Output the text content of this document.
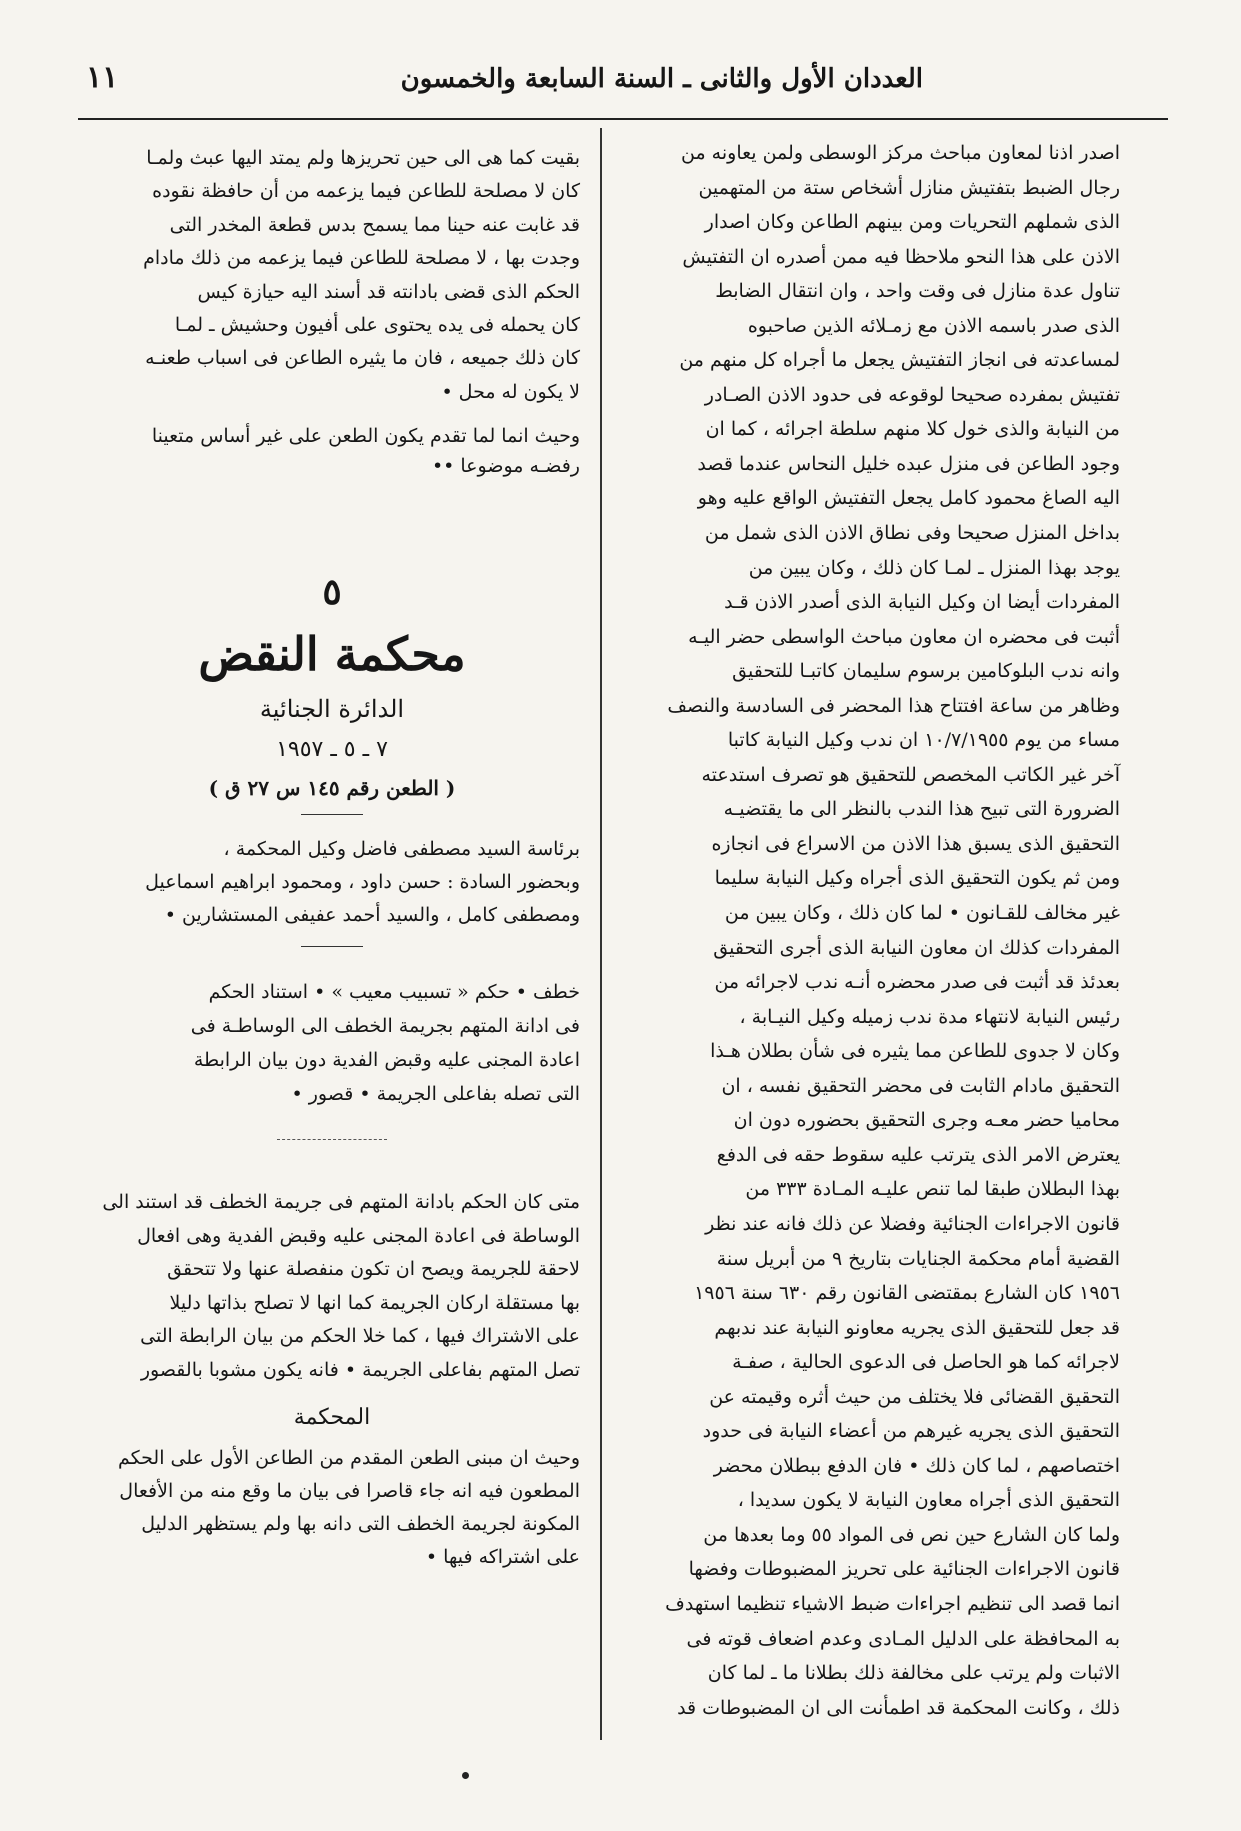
العددان الأول والثانى ـ السنة السابعة والخمسون
١١

اصدر اذنا لمعاون مباحث مركز الوسطى ولمن يعاونه من
رجال الضبط بتفتيش منازل أشخاص ستة من المتهمين
الذى شملهم التحريات ومن بينهم الطاعن وكان اصدار
الاذن على هذا النحو ملاحظا فيه ممن أصدره ان التفتيش
تناول عدة منازل فى وقت واحد ، وان انتقال الضابط
الذى صدر باسمه الاذن مع زمـلائه الذين صاحبوه
لمساعدته فى انجاز التفتيش يجعل ما أجراه كل منهم من
تفتيش بمفرده صحيحا لوقوعه فى حدود الاذن الصـادر
من النيابة والذى خول كلا منهم سلطة اجرائه ، كما ان
وجود الطاعن فى منزل عبده خليل النحاس عندما قصد
اليه الصاغ محمود كامل يجعل التفتيش الواقع عليه وهو
بداخل المنزل صحيحا وفى نطاق الاذن الذى شمل من
يوجد بهذا المنزل ـ لمـا كان ذلك ، وكان يبين من
المفردات أيضا ان وكيل النيابة الذى أصدر الاذن قـد
أثبت فى محضره ان معاون مباحث الواسطى حضر اليـه
وانه ندب البلوكامين برسوم سليمان كاتبـا للتحقيق
وظاهر من ساعة افتتاح هذا المحضر فى السادسة والنصف
مساء من يوم ١٠/٧/١٩٥٥ ان ندب وكيل النيابة كاتبا
آخر غير الكاتب المخصص للتحقيق هو تصرف استدعته
الضرورة التى تبيح هذا الندب بالنظر الى ما يقتضيـه
التحقيق الذى يسبق هذا الاذن من الاسراع فى انجازه
ومن ثم يكون التحقيق الذى أجراه وكيل النيابة سليما
غير مخالف للقـانون • لما كان ذلك ، وكان يبين من
المفردات كذلك ان معاون النيابة الذى أجرى التحقيق
بعدئذ قد أثبت فى صدر محضره أنـه ندب لاجرائه من
رئيس النيابة لانتهاء مدة ندب زميله وكيل النيـابة ،
وكان لا جدوى للطاعن مما يثيره فى شأن بطلان هـذا
التحقيق مادام الثابت فى محضر التحقيق نفسه ، ان
محاميا حضر معـه وجرى التحقيق بحضوره دون ان
يعترض الامر الذى يترتب عليه سقوط حقه فى الدفع
بهذا البطلان طبقا لما تنص عليـه المـادة ٣٣٣ من
قانون الاجراءات الجنائية وفضلا عن ذلك فانه عند نظر
القضية أمام محكمة الجنايات بتاريخ ٩ من أبريل سنة
١٩٥٦ كان الشارع بمقتضى القانون رقم ٦٣٠ سنة ١٩٥٦
قد جعل للتحقيق الذى يجريه معاونو النيابة عند ندبهم
لاجرائه كما هو الحاصل فى الدعوى الحالية ، صفـة
التحقيق القضائى فلا يختلف من حيث أثره وقيمته عن
التحقيق الذى يجريه غيرهم من أعضاء النيابة فى حدود
اختصاصهم ، لما كان ذلك • فان الدفع ببطلان محضر
التحقيق الذى أجراه معاون النيابة لا يكون سديدا ،
ولما كان الشارع حين نص فى المواد ٥٥ وما بعدها من
قانون الاجراءات الجنائية على تحريز المضبوطات وفضها
انما قصد الى تنظيم اجراءات ضبط الاشياء تنظيما استهدف
به المحافظة على الدليل المـادى وعدم اضعاف قوته فى
الاثبات ولم يرتب على مخالفة ذلك بطلانا ما ـ لما كان
ذلك ، وكانت المحكمة قد اطمأنت الى ان المضبوطات قد

بقيت كما هى الى حين تحريزها ولم يمتد اليها عبث ولمـا
كان لا مصلحة للطاعن فيما يزعمه من أن حافظة نقوده
قد غابت عنه حينا مما يسمح بدس قطعة المخدر التى
وجدت بها ، لا مصلحة للطاعن فيما يزعمه من ذلك مادام
الحكم الذى قضى بادانته قد أسند اليه حيازة كيس
كان يحمله فى يده يحتوى على أفيون وحشيش ـ لمـا
كان ذلك جميعه ، فان ما يثيره الطاعن فى اسباب طعنـه
لا يكون له محل •

وحيث انما لما تقدم يكون الطعن على غير أساس متعينا
رفضـه موضوعا ••

٥
محكمة النقض
الدائرة الجنائية
٧ ـ ٥ ـ ١٩٥٧
( الطعن رقم ١٤٥ س ٢٧ ق )

برئاسة السيد مصطفى فاضل وكيل المحكمة ،
وبحضور السادة : حسن داود ، ومحمود ابراهيم اسماعيل
ومصطفى كامل ، والسيد أحمد عفيفى المستشارين •

خطف • حكم « تسبيب معيب » • استناد الحكم
فى ادانة المتهم بجريمة الخطف الى الوساطـة فى
اعادة المجنى عليه وقبض الفدية دون بيان الرابطة
التى تصله بفاعلى الجريمة • قصور •

متى كان الحكم بادانة المتهم فى جريمة الخطف قد استند الى
الوساطة فى اعادة المجنى عليه وقبض الفدية وهى افعال
لاحقة للجريمة ويصح ان تكون منفصلة عنها ولا تتحقق
بها مستقلة اركان الجريمة كما انها لا تصلح بذاتها دليلا
على الاشتراك فيها ، كما خلا الحكم من بيان الرابطة التى
تصل المتهم بفاعلى الجريمة • فانه يكون مشوبا بالقصور

المحكمة

وحيث ان مبنى الطعن المقدم من الطاعن الأول على الحكم
المطعون فيه انه جاء قاصرا فى بيان ما وقع منه من الأفعال
المكونة لجريمة الخطف التى دانه بها ولم يستظهر الدليل
على اشتراكه فيها •
